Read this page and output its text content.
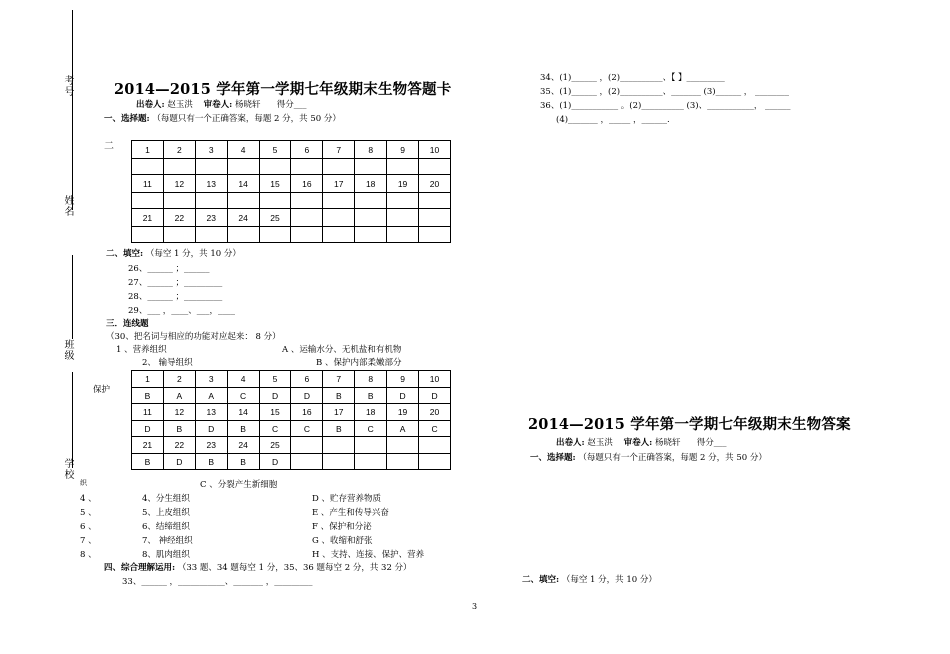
考号
姓名
班级
学校
2014—2015 学年第一学期七年级期末生物答题卡
出卷人: 赵玉洪 审卷人: 杨晓轩 得分___
一、选择题: （每题只有一个正确答案，每题 2 分，共 50 分）
二	1	2	3	4	5	6	7	8	9	10

11	12	13	14	15	16	17	18	19	20

21	22	23	24	25					

二、填空: （每空 1 分，共 10 分）
26、______ ；______
27、______ ；_________
28、______ ；_________
29、___ ，____、___，____
三．连线题
（30、把名词与相应的功能对应起来： 8 分）
1 、营养组织	A 、运输水分、无机盐和有机物
2、 输导组织	B 、保护内部柔嫩部分
保护
1	2	3	4	5	6	7	8	9	10
B	A	A	C	D	D	B	B	D	D
11	12	13	14	15	16	17	18	19	20
D	B	D	B	C	C	B	C	A	C
21	22	23	24	25					
B	D	B	B	D					
织	C 、分裂产生新细胞
4 、	4、分生组织	D 、贮存营养物质
5 、	5、上皮组织	E 、产生和传导兴奋
6 、	6、结缔组织	F 、保护和分泌
7 、	7、 神经组织	G 、收缩和舒张
8 、	8、肌肉组织	H 、支持、连接、保护、营养
四、综合理解运用: （33 题、34 题每空 1 分，35、36 题每空 2 分，共 32 分）
33、______ ，___________、_______ ，_________
34、(1)______ ，(2)__________、【 】_________
35、(1)______ ，(2)__________、_______ (3)______ ， ________
36、(1)___________ 。(2)__________ (3)、___________， ______
(4)_______ ，_____ ，______.
2014—2015 学年第一学期七年级期末生物答案
出卷人: 赵玉洪 审卷人: 杨晓轩 得分___
一、选择题: （每题只有一个正确答案，每题 2 分，共 50 分）
二、填空: （每空 1 分，共 10 分）
3
